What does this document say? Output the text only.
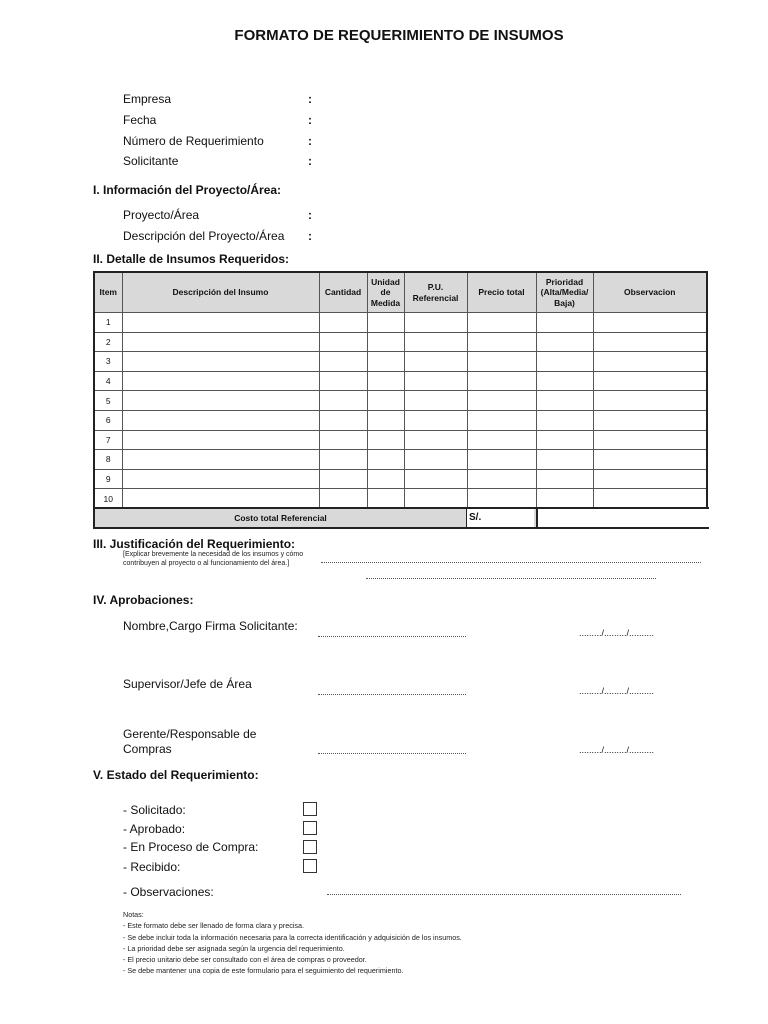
FORMATO DE REQUERIMIENTO DE INSUMOS
Empresa	:
Fecha	:
Número de Requerimiento	:
Solicitante	:
I. Información del Proyecto/Área:
Proyecto/Área	:
Descripción del Proyecto/Área :
II. Detalle de Insumos Requeridos:
Item	Descripción del Insumo	Cantidad	Unidad de Medida	P.U. Referencial	Precio total	Prioridad (Alta/Media/ Baja)	Observacion
1							
2							
3							
4							
5							
6							
7							
8							
9							
10							
Costo total Referencial	S/.
III. Justificación del Requerimiento:
[Explicar brevemente la necesidad de los insumos y cómo contribuyen al proyecto o al funcionamiento del área.]
IV. Aprobaciones:
Nombre,Cargo Firma Solicitante:	........./........./..........
Supervisor/Jefe de Área	........./........./..........
Gerente/Responsable de Compras	........./........./..........
V. Estado del Requerimiento:
- Solicitado:
- Aprobado:
- En Proceso de Compra:
- Recibido:
- Observaciones:
Notas:
- Este formato debe ser llenado de forma clara y precisa.
- Se debe incluir toda la información necesaria para la correcta identificación y adquisición de los insumos.
- La prioridad debe ser asignada según la urgencia del requerimiento.
- El precio unitario debe ser consultado con el área de compras o proveedor.
- Se debe mantener una copia de este formulario para el seguimiento del requerimiento.
